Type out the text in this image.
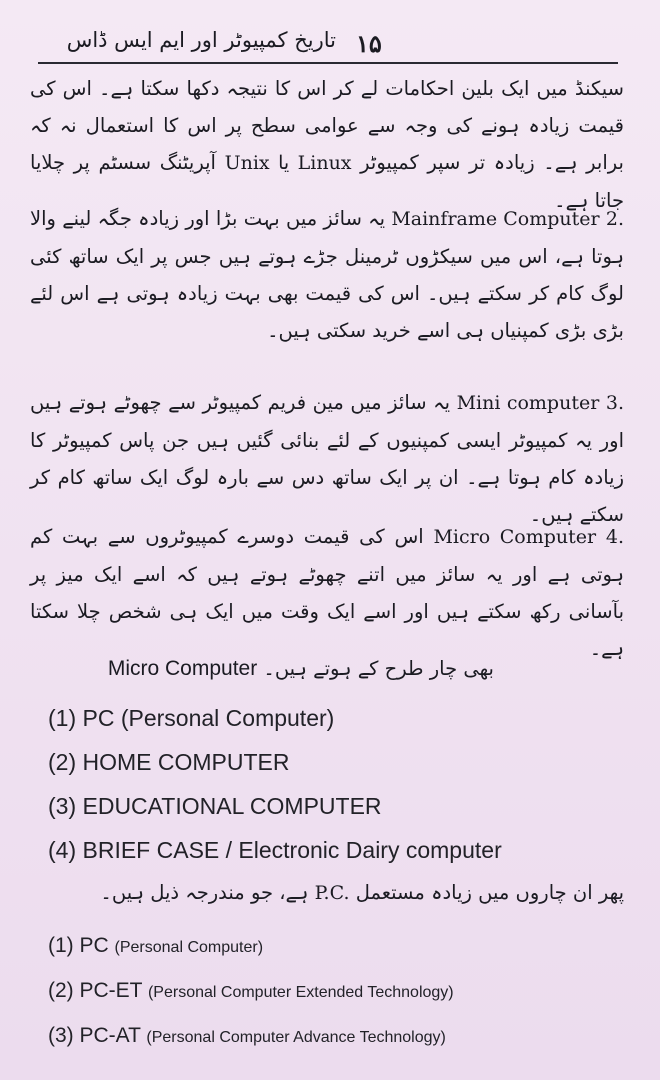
۱۵
تاریخ کمپیوٹر اور ایم ایس ڈاس

سیکنڈ میں ایک بلین احکامات لے کر اس کا نتیجہ دکھا سکتا ہے۔ اس کی قیمت زیادہ ہونے کی وجہ سے عوامی سطح پر اس کا استعمال نہ کہ برابر ہے۔ زیادہ تر سپر کمپیوٹر Unix یا Linux آپریٹنگ سسٹم پر چلایا جاتا ہے۔

2. Mainframe Computer یہ سائز میں بہت بڑا اور زیادہ جگہ لینے والا ہوتا ہے، اس میں سیکڑوں ٹرمینل جڑے ہوتے ہیں جس پر ایک ساتھ کئی لوگ کام کر سکتے ہیں۔ اس کی قیمت بھی بہت زیادہ ہوتی ہے اس لئے بڑی بڑی کمپنیاں ہی اسے خرید سکتی ہیں۔

3. Mini computer یہ سائز میں مین فریم کمپیوٹر سے چھوٹے ہوتے ہیں اور یہ کمپیوٹر ایسی کمپنیوں کے لئے بنائی گئیں ہیں جن پاس کمپیوٹر کا زیادہ کام ہوتا ہے۔ ان پر ایک ساتھ دس سے بارہ لوگ ایک ساتھ کام کر سکتے ہیں۔

4. Micro Computer اس کی قیمت دوسرے کمپیوٹروں سے بہت کم ہوتی ہے اور یہ سائز میں اتنے چھوٹے ہوتے ہیں کہ اسے ایک میز پر بآسانی رکھ سکتے ہیں اور اسے ایک وقت میں ایک ہی شخص چلا سکتا ہے۔

بھی چار طرح کے ہوتے ہیں۔ Micro Computer

(1) PC (Personal Computer)
(2) HOME COMPUTER
(3) EDUCATIONAL COMPUTER
(4) BRIEF CASE / Electronic Dairy computer

پھر ان چاروں میں زیادہ مستعمل P.C. ہے، جو مندرجہ ذیل ہیں۔

(1) PC (Personal Computer)
(2) PC-ET (Personal Computer Extended Technology)
(3) PC-AT (Personal Computer Advance Technology)
